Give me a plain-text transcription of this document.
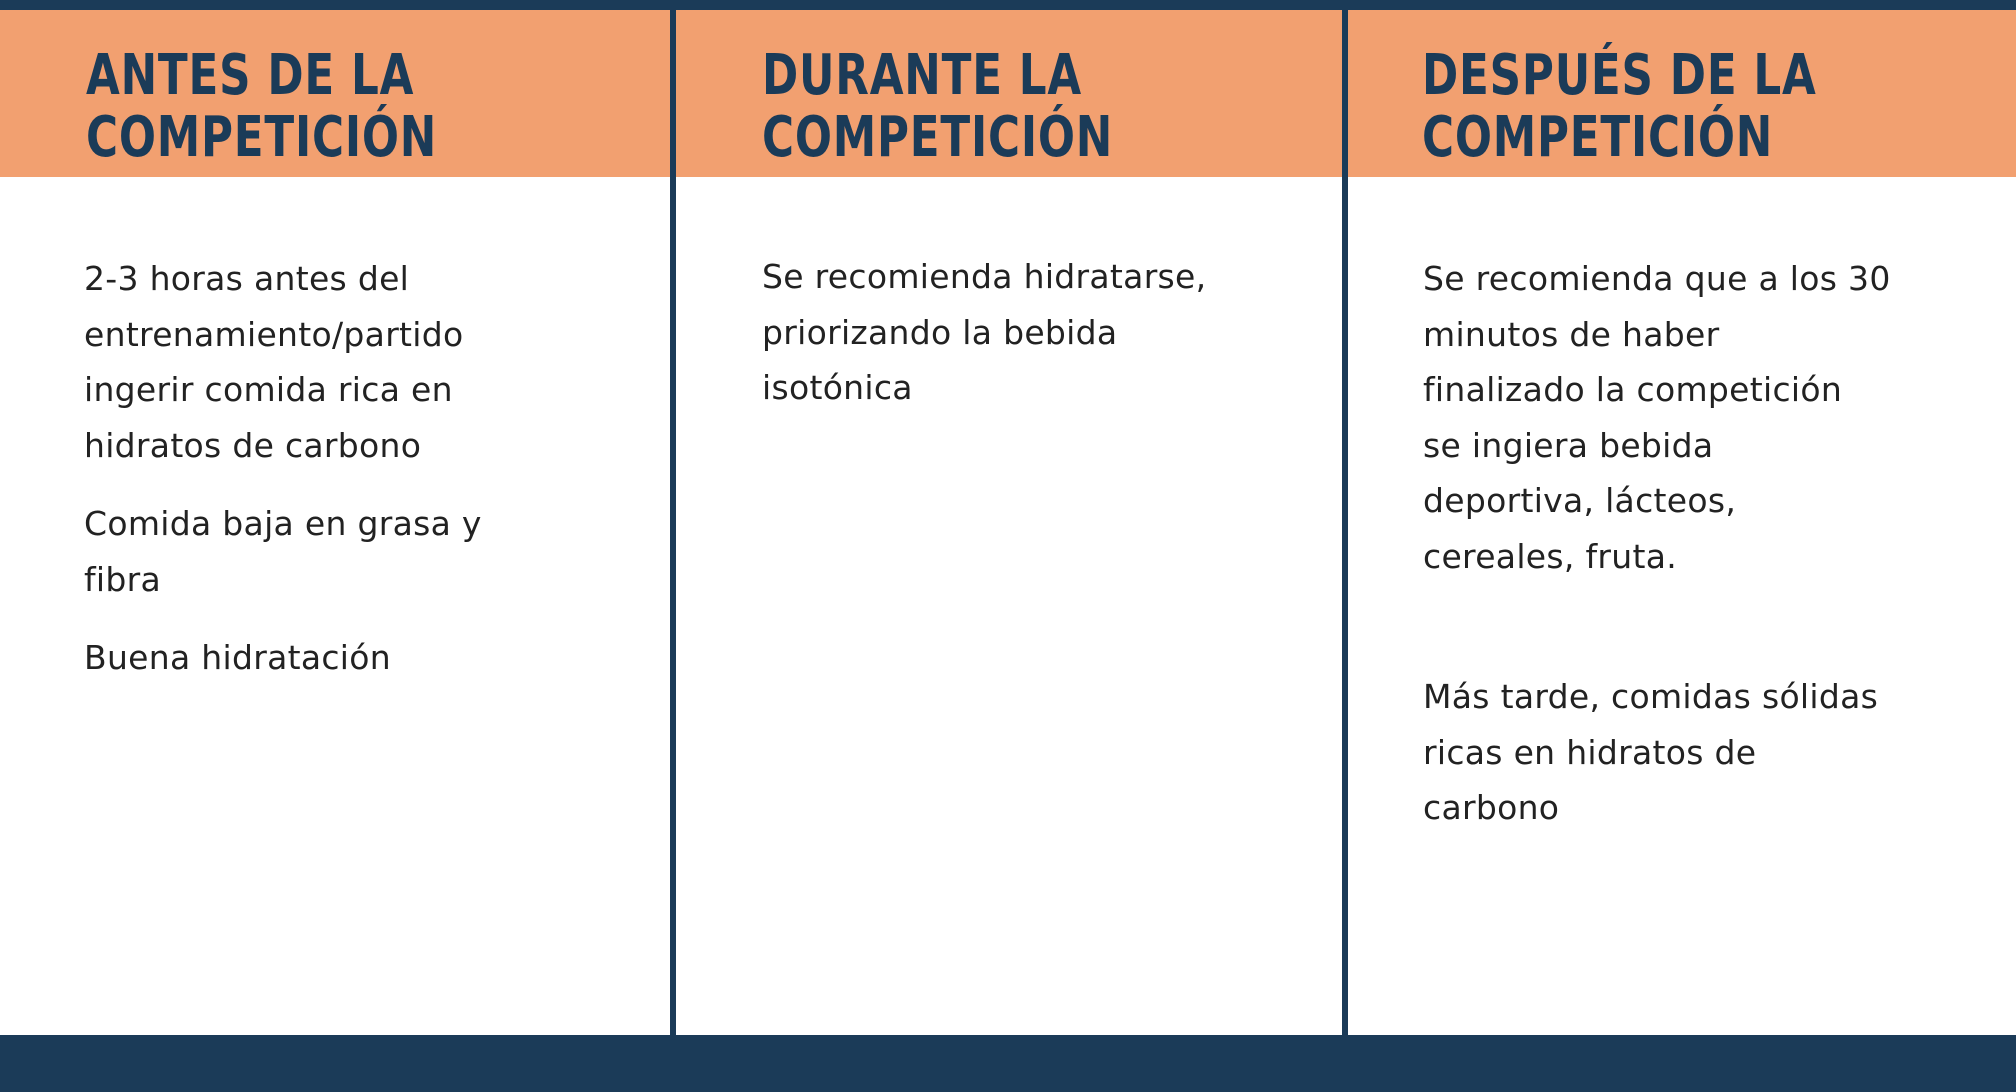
ANTES DE LA
COMPETICIÓN
DURANTE LA
COMPETICIÓN
DESPUÉS DE LA
COMPETICIÓN

2-3 horas antes del
entrenamiento/partido
ingerir comida rica en
hidratos de carbono

Comida baja en grasa y
fibra

Buena hidratación

Se recomienda hidratarse,
priorizando la bebida
isotónica

Se recomienda que a los 30
minutos de haber
finalizado la competición
se ingiera bebida
deportiva, lácteos,
cereales, fruta.

Más tarde, comidas sólidas
ricas en hidratos de
carbono
